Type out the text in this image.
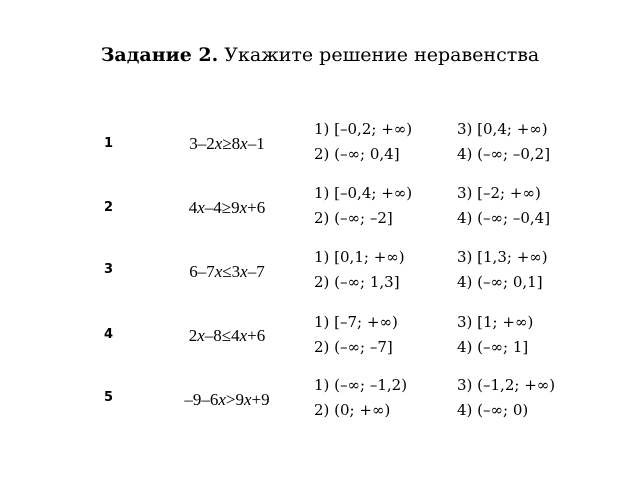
Задание 2. Укажите решение неравенства
1	3–2x≥8x–1
1) [–0,2; +∞)
2) (–∞; 0,4]
3) [0,4; +∞)
4) (–∞; –0,2]
2	4x–4≥9x+6
1) [–0,4; +∞)
2) (–∞; –2]
3) [–2; +∞)
4) (–∞; –0,4]
3	6–7x≤3x–7
1) [0,1; +∞)
2) (–∞; 1,3]
3) [1,3; +∞)
4) (–∞; 0,1]
4	2x–8≤4x+6
1) [–7; +∞)
2) (–∞; –7]
3) [1; +∞)
4) (–∞; 1]
5	–9–6x>9x+9
1) (–∞; –1,2)
2) (0; +∞)
3) (–1,2; +∞)
4) (–∞; 0)
